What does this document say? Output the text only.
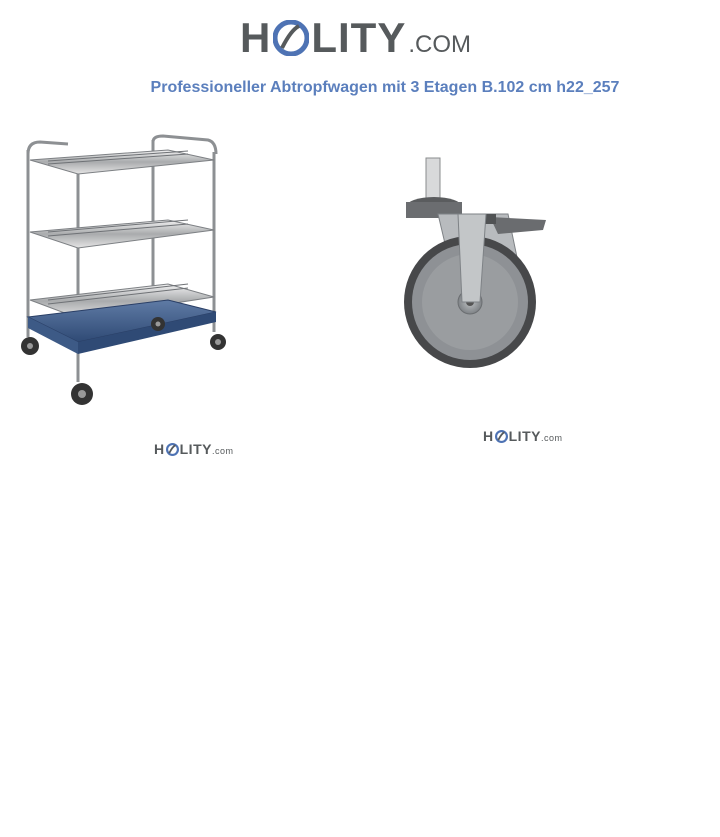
H LITY .COM
Professioneller Abtropfwagen mit 3 Etagen B.102 cm h22_257
H LITY .com
H LITY .com
